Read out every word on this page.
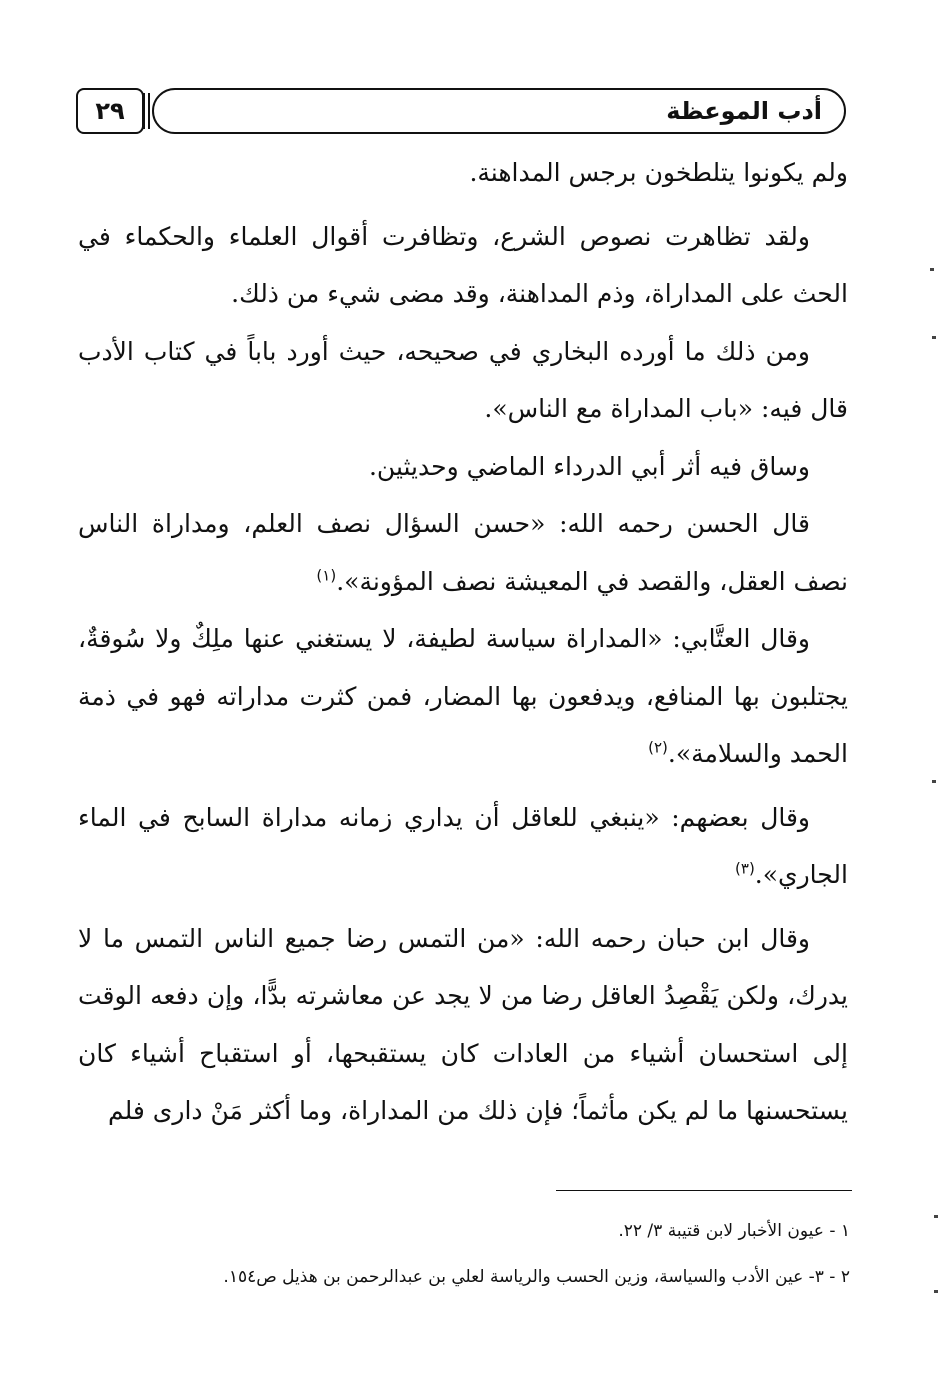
٢٩	أدب الموعظة

ولم يكونوا يتلطخون برجس المداهنة.

ولقد تظاهرت نصوص الشرع، وتظافرت أقوال العلماء والحكماء في الحث على المداراة، وذم المداهنة، وقد مضى شيء من ذلك.

ومن ذلك ما أورده البخاري في صحيحه، حيث أورد باباً في كتاب الأدب قال فيه: «باب المداراة مع الناس».

وساق فيه أثر أبي الدرداء الماضي وحديثين.

قال الحسن رحمه الله: «حسن السؤال نصف العلم، ومداراة الناس نصف العقل، والقصد في المعيشة نصف المؤونة».$^{(١)}$

وقال العتَّابي: «المداراة سياسة لطيفة، لا يستغني عنها ملِكٌ ولا سُوقةٌ، يجتلبون بها المنافع، ويدفعون بها المضار، فمن كثرت مداراته فهو في ذمة الحمد والسلامة».$^{(٢)}$

وقال بعضهم: «ينبغي للعاقل أن يداري زمانه مداراة السابح في الماء الجاري».$^{(٣)}$

وقال ابن حبان رحمه الله: «من التمس رضا جميع الناس التمس ما لا يدرك، ولكن يَقْصِدُ العاقل رضا من لا يجد عن معاشرته بدًّا، وإن دفعه الوقت إلى استحسان أشياء من العادات كان يستقبحها، أو استقباح أشياء كان يستحسنها ما لم يكن مأثماً؛ فإن ذلك من المداراة، وما أكثر مَنْ دارى فلم

١ - عيون الأخبار لابن قتيبة ٣/ ٢٢.
٢ - ٣- عين الأدب والسياسة، وزين الحسب والرياسة لعلي بن عبدالرحمن بن هذيل ص١٥٤.
